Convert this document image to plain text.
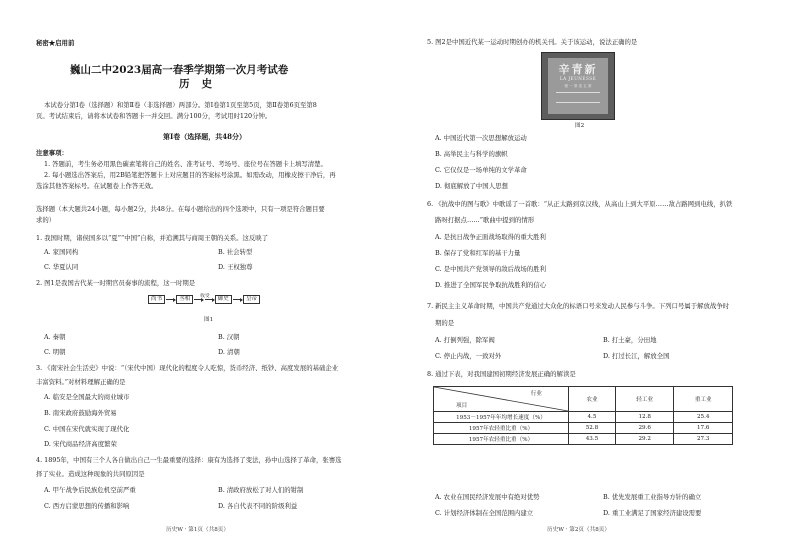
秘密★启用前
巍山二中2023届高一春季学期第一次月考试卷
历史
本试卷分第Ⅰ卷（选择题）和第Ⅱ卷（非选择题）两部分。第Ⅰ卷第1页至第5页，第Ⅱ卷第6页至第8
页。考试结束后，请将本试卷和答题卡一并交回。满分100分，考试用时120分钟。
第Ⅰ卷（选择题，共48分）
注意事项：
1. 答题前，考生务必用黑色碳素笔将自己的姓名、准考证号、考场号、座位号在答题卡上填写清楚。
2. 每小题选出答案后，用2B铅笔把答题卡上对应题目的答案标号涂黑。如需改动，用橡皮擦干净后，再
选涂其他答案标号。在试题卷上作答无效。
选择题（本大题共24小题，每小题2分，共48分。在每小题给出的四个选项中，只有一项是符合题目要
求的）
1. 我国时期，诸侯国多以“夏”“中国”自称，并追溯其与商周王朝的关系。这反映了
A. 家国同构	B. 社会转型
C. 华夏认同	D. 王权独尊
2. 图1是我国古代某一时期官员奏事的流程，这一时期是
尚书	丞相	收受	御史	皇帝
图1
A. 秦朝	B. 汉朝
C. 明朝	D. 清朝
3. 《南宋社会生活史》中说：“（宋代中国）现代化的程度令人吃惊，货币经济、纸钞、高度发展的基础企业
丰富资料。”对材料理解正确的是
A. 临安是全国最大的商业城市
B. 南宋政府鼓励海外贸易
C. 中国在宋代就实现了现代化
D. 宋代商品经济高度繁荣
4. 1895年，中国有三个人各自做出自己一生最重要的选择：康有为选择了变法，孙中山选择了革命，张謇选
择了实业。造成这种现象的共同原因是
A. 甲午战争后民族危机空前严重	B. 清政府放松了对人们的钳制
C. 西方启蒙思想的传播和影响	D. 各自代表不同的阶级利益
历史W · 第1页（共8页）
5. 图2是中国近代某一运动时期创办的机关刊。关于该运动，说法正确的是
辛青新
LA JEUNESSE
號 一 第 卷 五 第
图2
A. 中国近代第一次思想解放运动
B. 高举民主与科学的旗帜
C. 它仅仅是一场单纯的文学革命
D. 彻底解放了中国人思想
6. 《抗战中的图与歌》中歌谣了一首歌：“从正太路到京汉线，从高山上到大平原……敌占路网到电线，扒铁
路呀打据点……”歌曲中提到的情形
A. 是抗日战争正面战场取得的重大胜利
B. 保存了党和红军的基干力量
C. 是中国共产党领导的敌后战场的胜利
D. 推进了全国军民争取抗战胜利的信心
7. 新民主主义革命时期，中国共产党通过大众化的标语口号来发动人民参与斗争。下列口号属于解放战争时
期的是
A. 打倒列强，除军阀	B. 打土豪，分田地
C. 停止内战，一致对外	D. 打过长江，解放全国
8. 通过下表，对我国建国初期经济发展正确的解读是
行业
项目	农业	轻工业	重工业
1953－1957年年均增长速度（%）	4.5	12.8	25.4
1957年农轻重比重（%）	52.8	29.6	17.6
1957年农轻重比重（%）	43.5	29.2	27.3
A. 农业在国民经济发展中有绝对优势	B. 优先发展重工业指导方针的确立
C. 计划经济体制在全国范围内建立	D. 重工业满足了国家经济建设需要
历史W · 第2页（共8页）
